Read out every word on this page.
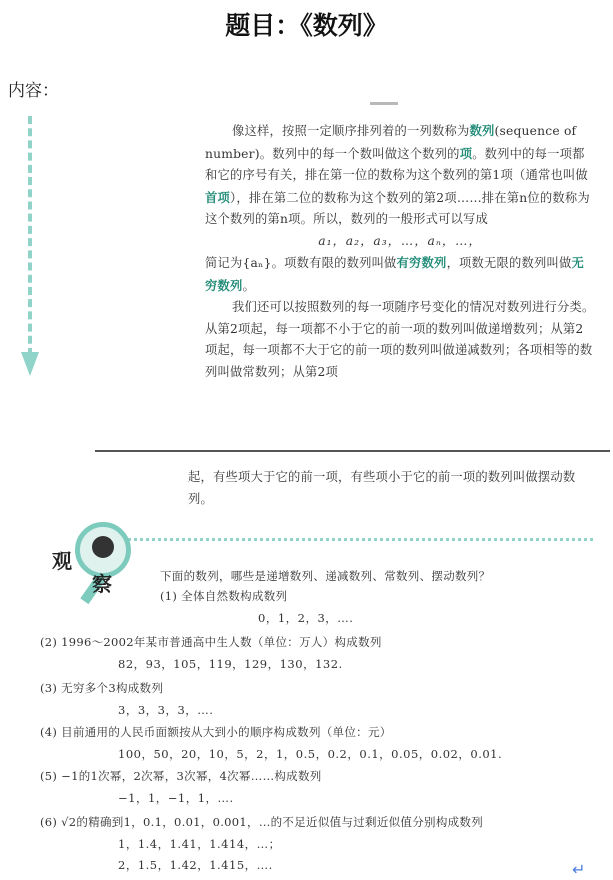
题目：《数列》
内容：

像这样，按照一定顺序排列着的一列数称为数列(sequence of number)。数列中的每一个数叫做这个数列的项。数列中的每一项都和它的序号有关，排在第一位的数称为这个数列的第1项（通常也叫做首项），排在第二位的数称为这个数列的第2项……排在第n位的数称为这个数列的第n项。所以，数列的一般形式可以写成

a₁，a₂，a₃，…，aₙ，…，

简记为{aₙ}。项数有限的数列叫做有穷数列，项数无限的数列叫做无穷数列。

我们还可以按照数列的每一项随序号变化的情况对数列进行分类。从第2项起，每一项都不小于它的前一项的数列叫做递增数列；从第2项起，每一项都不大于它的前一项的数列叫做递减数列；各项相等的数列叫做常数列；从第2项

起，有些项大于它的前一项，有些项小于它的前一项的数列叫做摆动数列。

观
察	下面的数列，哪些是递增数列、递减数列、常数列、摆动数列？
(1) 全体自然数构成数列
0，1，2，3，….
(2) 1996～2002年某市普通高中生人数（单位：万人）构成数列
82，93，105，119，129，130，132.
(3) 无穷多个3构成数列
3，3，3，3，….
(4) 目前通用的人民币面额按从大到小的顺序构成数列（单位：元）
100，50，20，10，5，2，1，0.5，0.2，0.1，0.05，0.02，0.01.
(5) −1的1次幂，2次幂，3次幂，4次幂……构成数列
−1，1，−1，1，….
(6) √2的精确到1，0.1，0.01，0.001，…的不足近似值与过剩近似值分别构成数列
1，1.4，1.41，1.414，…；
2，1.5，1.42，1.415，….	↵
